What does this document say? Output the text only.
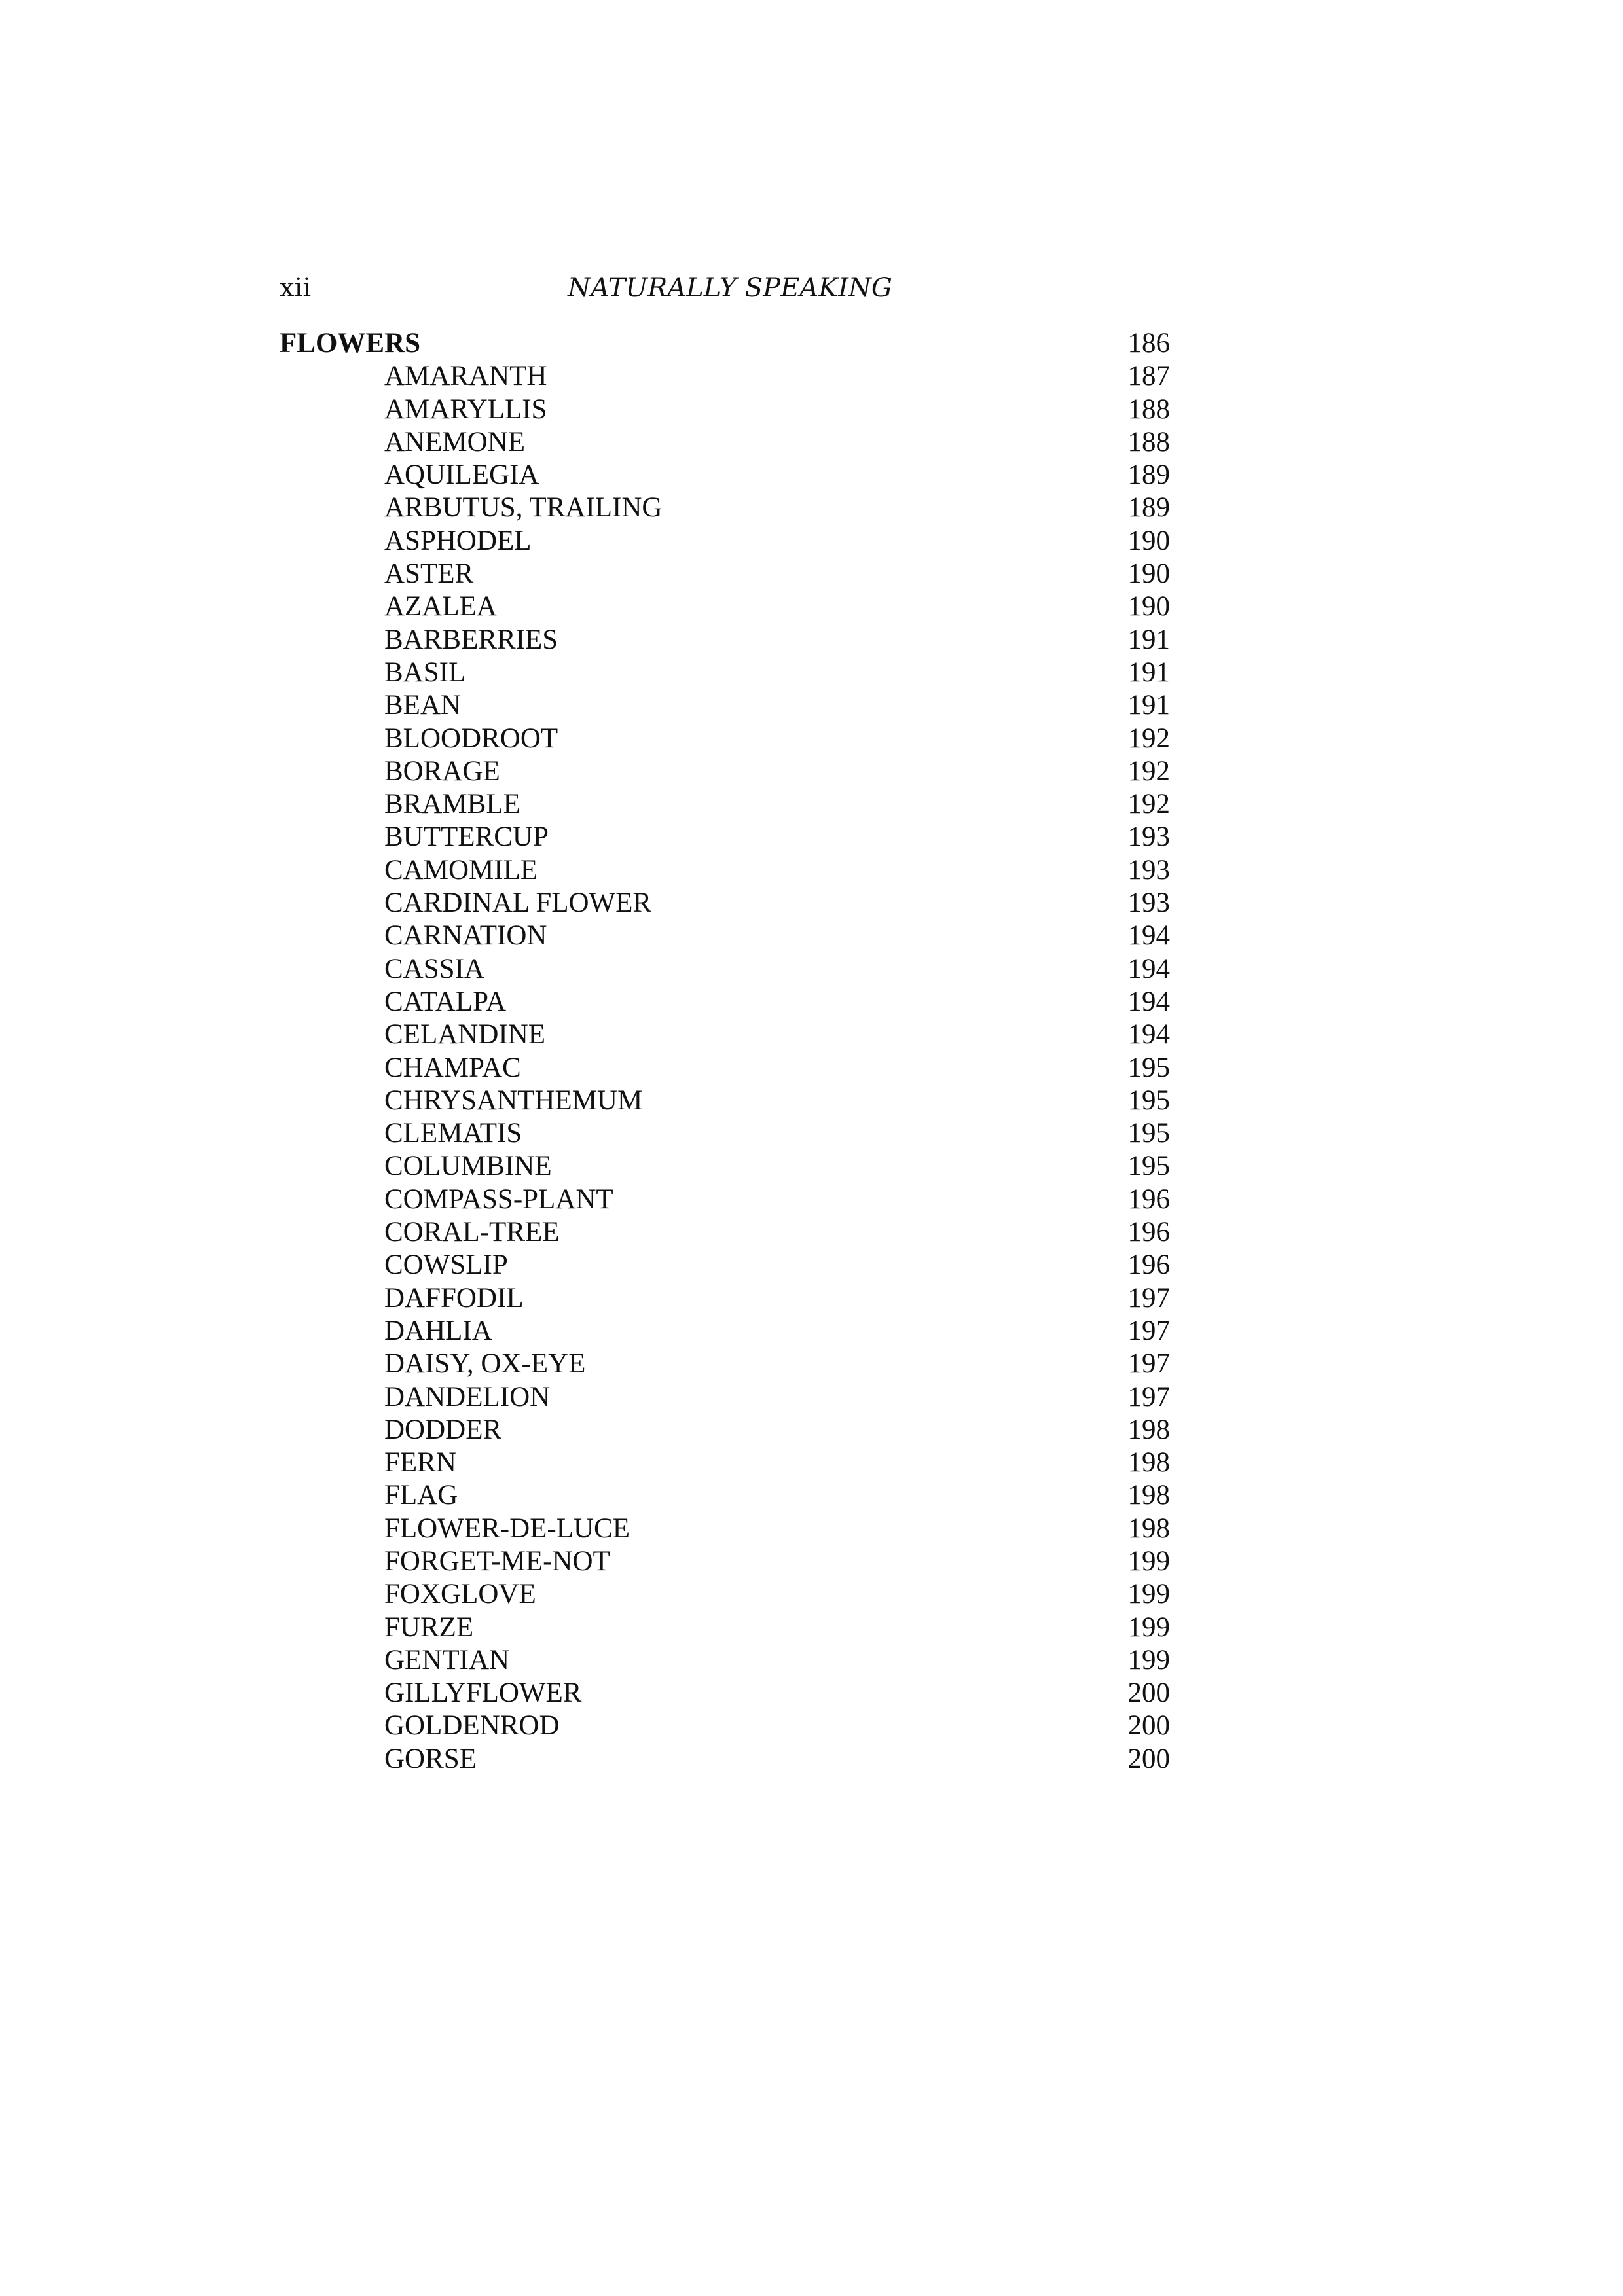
xii	NATURALLY SPEAKING
FLOWERS	186
AMARANTH	187
AMARYLLIS	188
ANEMONE	188
AQUILEGIA	189
ARBUTUS, TRAILING	189
ASPHODEL	190
ASTER	190
AZALEA	190
BARBERRIES	191
BASIL	191
BEAN	191
BLOODROOT	192
BORAGE	192
BRAMBLE	192
BUTTERCUP	193
CAMOMILE	193
CARDINAL FLOWER	193
CARNATION	194
CASSIA	194
CATALPA	194
CELANDINE	194
CHAMPAC	195
CHRYSANTHEMUM	195
CLEMATIS	195
COLUMBINE	195
COMPASS-PLANT	196
CORAL-TREE	196
COWSLIP	196
DAFFODIL	197
DAHLIA	197
DAISY, OX-EYE	197
DANDELION	197
DODDER	198
FERN	198
FLAG	198
FLOWER-DE-LUCE	198
FORGET-ME-NOT	199
FOXGLOVE	199
FURZE	199
GENTIAN	199
GILLYFLOWER	200
GOLDENROD	200
GORSE	200
